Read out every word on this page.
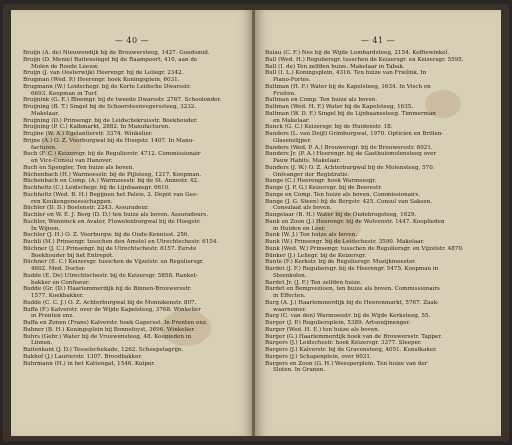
— 40 —
Bruijn (A. de) Nieuwendijk bij de Brouwersteeg, 1427. Goudsmid.
Bruijn (D. Menie) Buitensingel bij de Raampoort, 410, aan de
Molen de Roode Leeuw.
Bruijn (J. van Oosterwijk) Heerengr. bij de Leliegr. 2342.
Brugman (Wed. P.) Heerengr. hoek Koningsplein, 6031.
Brugmann (W.) Leidschegr. bij de Korte Leidsche Dwarsstr.
6693. Koopman in Turf.
Bruijnink (G. E.) Bloemgr. bij de tweede Dwarsstr. 2767. Schoolonder.
Bruijning (B. T.) Singel bij de Schoorsteenvegerssteeg, 3232.
Makelaar.
Bruijning (D.) Prinsengr. bij de Leidschekruisstr. Boekhouder.
Bruijning (P. C.) Kalkmarkt, 2882. In Manufacturen.
Brujine (W. A.) Egelantierstr. 3374. Winkelier.
Brijne (A.) O. Z. Voorburgwal bij de Hoogstr. 1407. In Manu-
facturen.
Buch (F. C.) Keizersgr. bij de Regulierstr. 4712. Commissionair
en Vice-Consul van Hanover.
Buch en Spengler, Ten huize als boven.
Büchenbach (H.) Warmoesstr. bij de Pijlsteeg, 1217. Koopman.
Büchenbach en Comp. (A.) Warmoesstr. bij de St. Annestr. 42.
Buchholtz (C.) Leidschegr. bij de Lijnbaansgr. 6610.
Buchholtz (Wed. B. H.) Begijnen het Paleis, 2. Depôt van Gee-
ren Koukengeneesschappen.
Büchler (D. D.) Boelenstr. 2243. Assuradeur.
Buchler en W. E. J. Berg (D. D.) ten huize als boven. Assuradeurs.
Buchler, Wenninck en Avater, Fluwelenburgwal bij de Hoogstr.
In Wijnen.
Buchler (J. H.) O. Z. Voorburgw. bij de Oude-Kennisst. 256.
Buchli (M.) Prinsengr. tusschen den Amstel en Utrechtschestr. 6154.
Büchner (J. C.) Prinsengr. bij de Utrechtschestr. 6157. Eerste
Boekhouder bij het Entrepôt.
Büchner (E. C.) Keizersgr. tusschen de Vijzelstr. en Reguliersgr.
4602. Med. Doctor.
Budde (E. De) Utrechtschestr. bij de Keizersgr. 5858. Ranket-
bakker en Confiseur.
Budde (Gr. (D.) Haarlemmerdijk bij de Binnen-Brouwersstr.
1577. Koekbakker.
Budde (C. C. J.) O. Z. Achterburgwal bij de Monnikenstr. 807.
Buffa (F.) Kalverstr. over de Wijde Kapelsteeg, 3768. Winkelier
in Prenten enz.
Buffa en Zonen (Frans) Kalverstr. hoek Gapersst. In Prenten enz.
Buhner (B. H.) Koningsplein bij Bonnefoyst, 3696. Winkelier.
Buhrs (Gebr.) Water bij de Vrouwensteeg, 48. Koopieden in
Linnen.
Buitenkant (J. D.) Tesselschekade, 1262. Scheepstagrijn.
Bukhof (J.) Laurierstr. 1307. Broodbakker.
Buhrmann (H.) in het Kattengat, 1546. Kuiper.
— 41 —
Bulau (C. F.) Nes bij de Wijde Lombardsteeg, 2154. Koffiewinkel.
Bull (Wed. H.) Reguliersgr. tusschen de Keizersgr. en Keizersgr. 5595.
Bull (I. de) Ten zelfden huize. Makelaar in Tabak.
Bull (I. L.) Koningsplein, 4316. Ten huize van Frielink. In
Piano-Fortes.
Bultman (H. F.) Water bij de Kapelsteeg, 1634. In Visch en
Fruiten.
Bultman en Comp. Ten huize als boven.
Bultman (Wed. H. F.) Water bij de Kapelsteeg, 1635.
Bultman (W. D. F.) Singel bij de Lijnbaanssteeg. Timmerman
en Makelaar.
Bunck (G. C.) Keizersgr. bij de Huidenstr. 18.
Bunders (L. van Deijl) Grimburgwal, 1970. Opticien en Brillen-
Glasenslijper.
Bunders (Wed. P. A.) Brouwersgr. bij de Brouwersstr. 6021.
Bunders Jr. (P. A.) Heerengr. bij de Gasthuismolensteeg over
Pauw Habits. Makelaar.
Bunders (J. W.) O. Z. Achterburgwal bij de Molensteeg, 570.
Ontvanger der Registratie.
Bunge (C.) Heerengr. hoek Warmoesgr.
Bunge (J. P. G.) Keizersgr. bij de Beerestr.
Bunge en Comp. Ten huize als boven. Commissionairs.
Bunge (J. G. Steen) bij de Bergstr. 425. Consul van Saksen.
Consulaat als boven.
Bungelaar (B. H.) Water bij de Oudebrugsteeg, 1629.
Bunk en Zoon (J.) Heerengr. bij de Wolvenstr. 1447. Kooplieden
in Huiden en Leer.
Bunk (W. J.) Ten huize als boven.
Bunk (W.) Prinsengr. bij de Leidschestr. 3590. Makelaar.
Bunk (Wed. W.) Prinsengr. tusschen de Reguliersgr. en Vijzelstr. 4870.
Bünker (J.) Leliegr. bij de Keizersgr.
Bunte (F.) Kerkstr. bij de Reguliersgr. Muzijkmeester.
Burdet (J. F.) Reguliersgr. bij de Heerengr. 5475. Koopman in
Steenkolen.
Burdet Jr. (J. F.) Ten zelfden huize.
Burdet en Bempvezioen, ten huize als boven. Commissionairs
in Effecten.
Burg (A. J.) Haarlemmerdijk bij de Heerenmarkt, 5767. Zaak-
waarnemer.
Burg (C. van den) Warmoesstr. bij de Wijde Kerksteeg, 55.
Burger (J. P.) Reguliersplein, 5389. Artsenijmenger.
Burger (Wed. H. E.) ten huize als boven.
Burger (G.) Haarlemmerdijk hoek van de Brouwersstr. Tapper.
Burgers (J.) Leidschestr. hoek Keizersgr. 3377. Sleeper.
Burgers (J.) Kalverstr. bij de Gravensteeg, 4051. Kunstkaker.
Burgers (J.) Schapenplein, over 6031.
Burgers en Zoon (G. H.) Weesperplein. Ten huize van der
Sloten. In Granen.
